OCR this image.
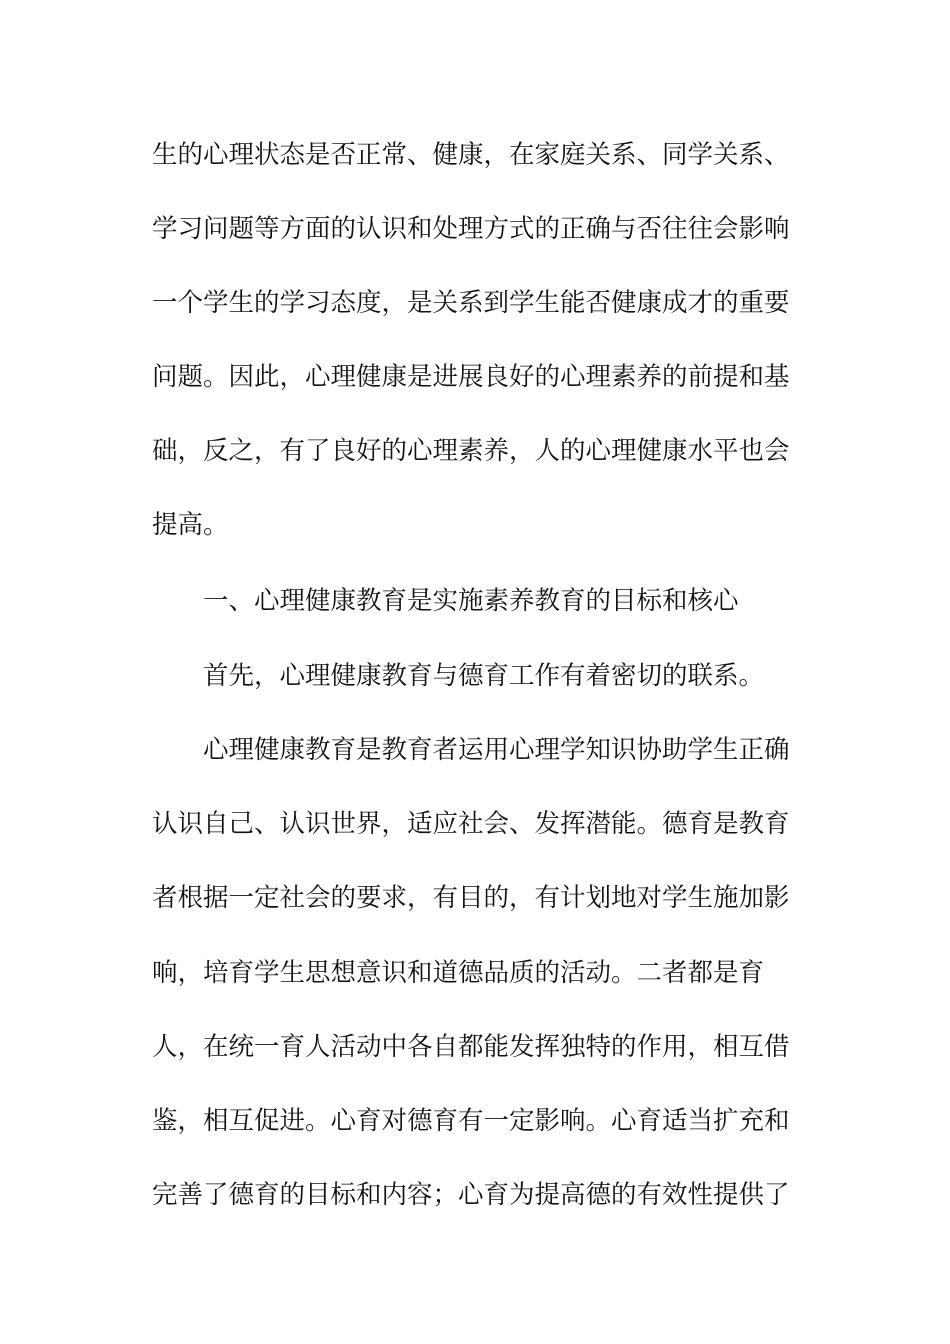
生的心理状态是否正常、健康，在家庭关系、同学关系、
学习问题等方面的认识和处理方式的正确与否往往会影响
一个学生的学习态度，是关系到学生能否健康成才的重要
问题。因此，心理健康是进展良好的心理素养的前提和基
础，反之，有了良好的心理素养，人的心理健康水平也会
提高。
一、心理健康教育是实施素养教育的目标和核心
首先，心理健康教育与德育工作有着密切的联系。
心理健康教育是教育者运用心理学知识协助学生正确
认识自己、认识世界，适应社会、发挥潜能。德育是教育
者根据一定社会的要求，有目的，有计划地对学生施加影
响，培育学生思想意识和道德品质的活动。二者都是育
人，在统一育人活动中各自都能发挥独特的作用，相互借
鉴，相互促进。心育对德育有一定影响。心育适当扩充和
完善了德育的目标和内容；心育为提高德的有效性提供了
